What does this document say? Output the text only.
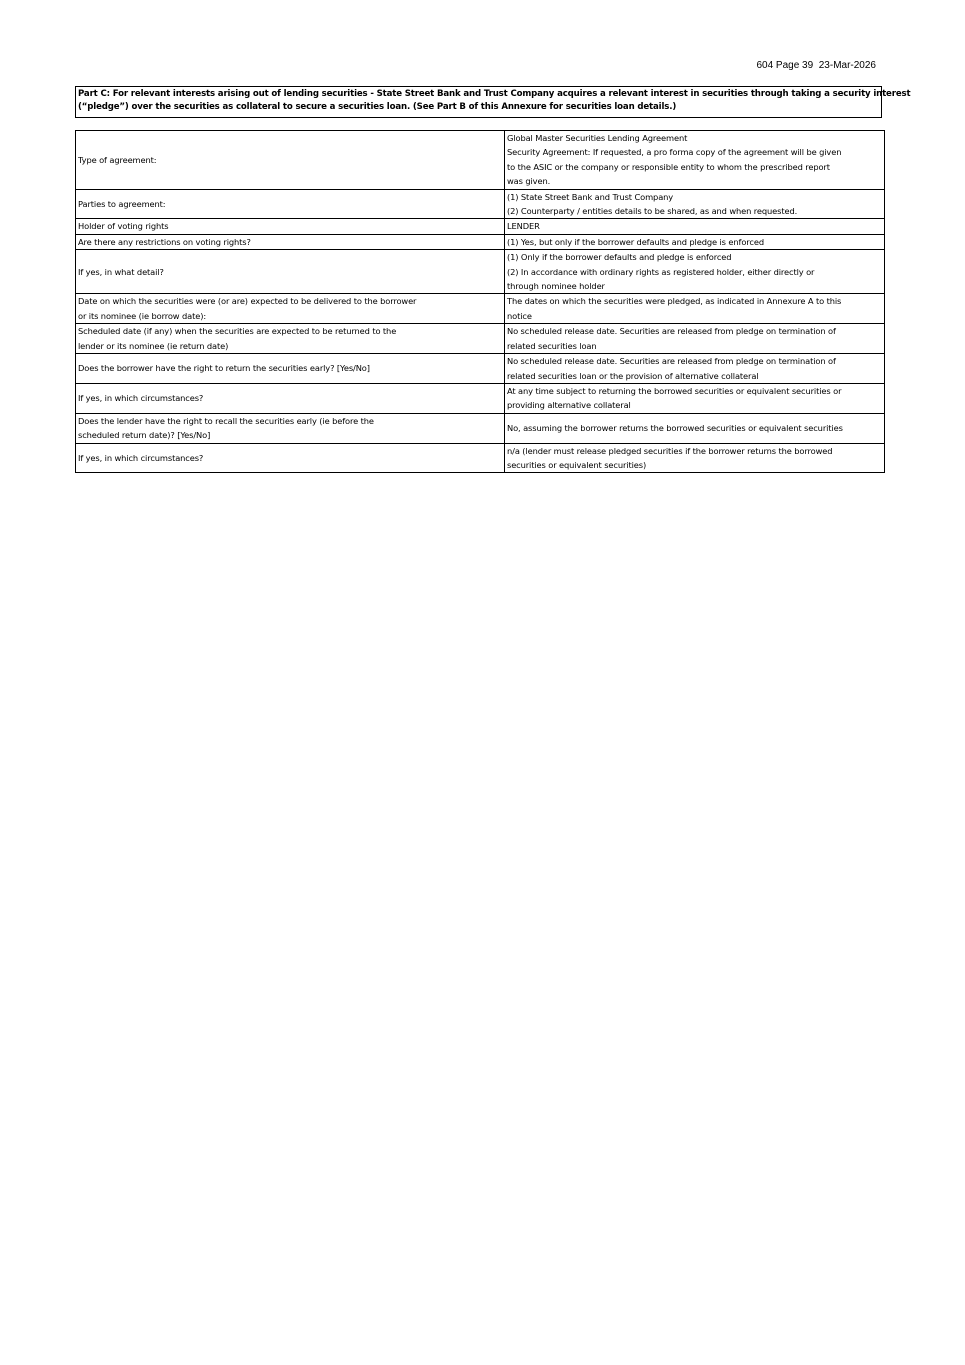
604 Page 39 23-Mar-2026
Part C: For relevant interests arising out of lending securities - State Street Bank and Trust Company acquires a relevant interest in securities through taking a security interest
(“pledge”) over the securities as collateral to secure a securities loan. (See Part B of this Annexure for securities loan details.)
Type of agreement:	Global Master Securities Lending Agreement
Security Agreement: If requested, a pro forma copy of the agreement will be given
to the ASIC or the company or responsible entity to whom the prescribed report
was given.

Parties to agreement:	(1) State Street Bank and Trust Company
(2) Counterparty / entities details to be shared, as and when requested.

Holder of voting rights	LENDER

Are there any restrictions on voting rights?	(1) Yes, but only if the borrower defaults and pledge is enforced

If yes, in what detail?	(1) Only if the borrower defaults and pledge is enforced
(2) In accordance with ordinary rights as registered holder, either directly or
through nominee holder

Date on which the securities were (or are) expected to be delivered to the borrower
or its nominee (ie borrow date):	The dates on which the securities were pledged, as indicated in Annexure A to this
notice

Scheduled date (if any) when the securities are expected to be returned to the
lender or its nominee (ie return date)	No scheduled release date. Securities are released from pledge on termination of
related securities loan

Does the borrower have the right to return the securities early? [Yes/No]	No scheduled release date. Securities are released from pledge on termination of
related securities loan or the provision of alternative collateral

If yes, in which circumstances?	At any time subject to returning the borrowed securities or equivalent securities or
providing alternative collateral

Does the lender have the right to recall the securities early (ie before the
scheduled return date)? [Yes/No]	No, assuming the borrower returns the borrowed securities or equivalent securities

If yes, in which circumstances?	n/a (lender must release pledged securities if the borrower returns the borrowed
securities or equivalent securities)
